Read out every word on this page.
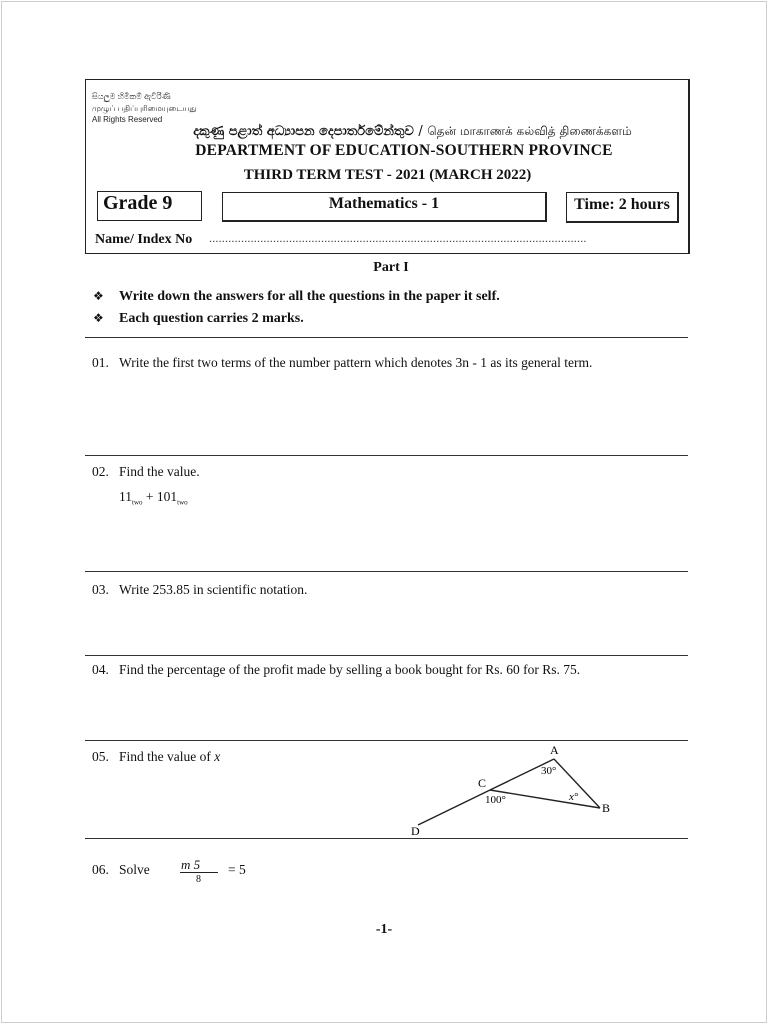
සියලුම හිමිකම් ඇවිරිණි
முழுப் பதிப்புரிமையுடையது
All Rights Reserved
දකුණු පළාත් අධ්‍යාපන දෙපාර්තමේන්තුව / தென் மாகாணக் கல்வித் திணைக்களம்
DEPARTMENT OF EDUCATION-SOUTHERN PROVINCE
THIRD TERM TEST - 2021 (MARCH 2022)
Grade 9	Mathematics - 1	Time: 2 hours
Name/ Index No ......................................................................................................................
Part I
❖ Write down the answers for all the questions in the paper it self.
❖ Each question carries 2 marks.
01. Write the first two terms of the number pattern which denotes 3n - 1 as its general term.
02. Find the value.
$11_{two} + 101_{two}$
03. Write 253.85 in scientific notation.
04. Find the percentage of the profit made by selling a book bought for Rs. 60 for Rs. 75.
05. Find the value of x	A
B
C
D
30°
100°	x°
06. Solve m 5
8
= 5
-1-
